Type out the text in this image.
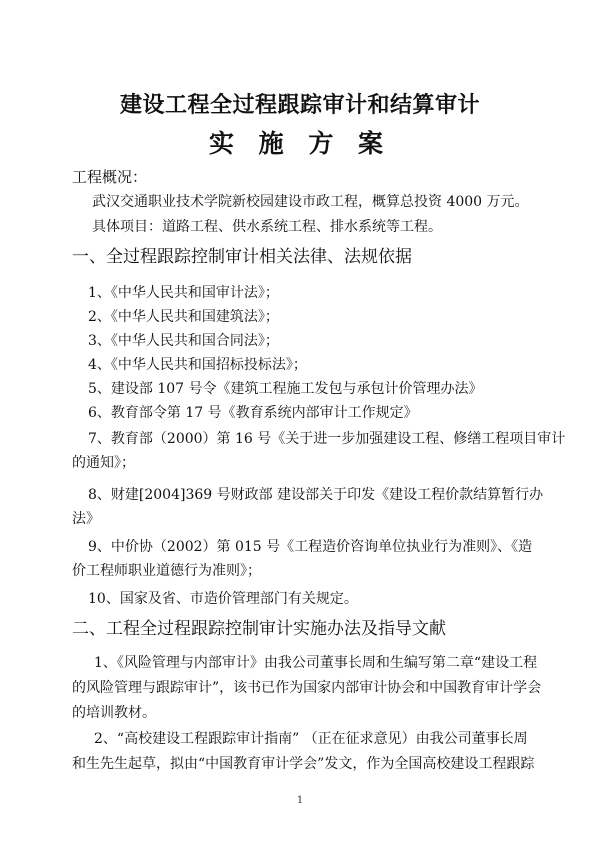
建设工程全过程跟踪审计和结算审计
实 施 方 案
工程概况：
武汉交通职业技术学院新校园建设市政工程，概算总投资 4000 万元。
具体项目：道路工程、供水系统工程、排水系统等工程。
一、全过程跟踪控制审计相关法律、法规依据
1、《中华人民共和国审计法》；
2、《中华人民共和国建筑法》；
3、《中华人民共和国合同法》；
4、《中华人民共和国招标投标法》；
5、建设部 107 号令《建筑工程施工发包与承包计价管理办法》
6、教育部令第 17 号《教育系统内部审计工作规定》
7、教育部（2000）第 16 号《关于进一步加强建设工程、修缮工程项目审计
的通知》；
8、财建[2004]369 号财政部 建设部关于印发《建设工程价款结算暂行办
法》
9、中价协（2002）第 015 号《工程造价咨询单位执业行为准则》、《造
价工程师职业道德行为准则》；
10、国家及省、市造价管理部门有关规定。
二、工程全过程跟踪控制审计实施办法及指导文献
1、《风险管理与内部审计》由我公司董事长周和生编写第二章“建设工程
的风险管理与跟踪审计”，该书已作为国家内部审计协会和中国教育审计学会
的培训教材。
2、“高校建设工程跟踪审计指南” （正在征求意见）由我公司董事长周
和生先生起草，拟由“中国教育审计学会”发文，作为全国高校建设工程跟踪
1
